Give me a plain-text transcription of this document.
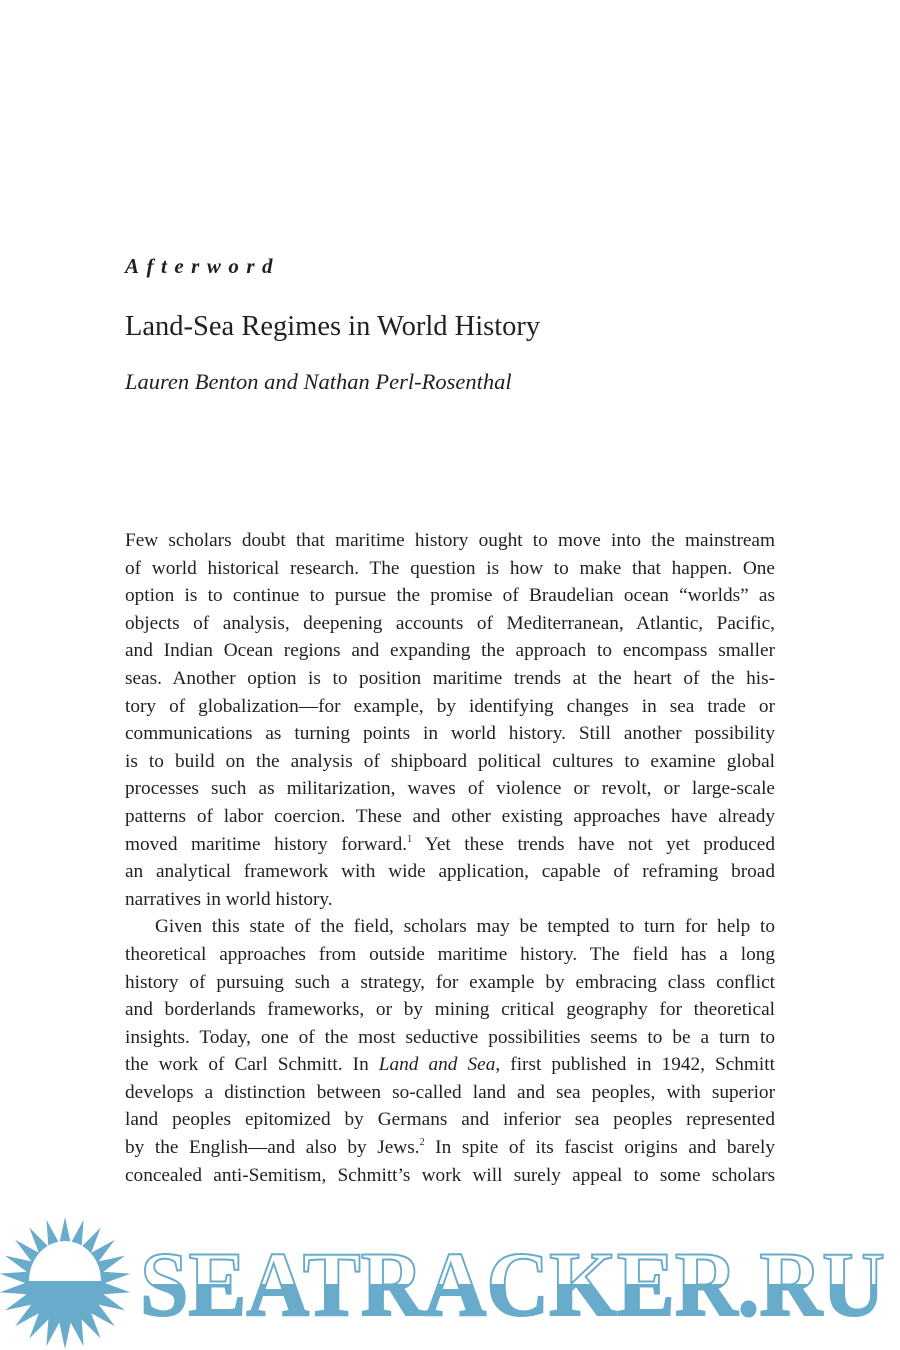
Afterword
Land-Sea Regimes in World History
Lauren Benton and Nathan Perl-Rosenthal
Few scholars doubt that maritime history ought to move into the mainstream
of world historical research. The question is how to make that happen. One
option is to continue to pursue the promise of Braudelian ocean “worlds” as
objects of analysis, deepening accounts of Mediterranean, Atlantic, Pacific,
and Indian Ocean regions and expanding the approach to encompass smaller
seas. Another option is to position maritime trends at the heart of the his-
tory of globalization—for example, by identifying changes in sea trade or
communications as turning points in world history. Still another possibility
is to build on the analysis of shipboard political cultures to examine global
processes such as militarization, waves of violence or revolt, or large-scale
patterns of labor coercion. These and other existing approaches have already
moved maritime history forward.$^1$ Yet these trends have not yet produced
an analytical framework with wide application, capable of reframing broad
narratives in world history.
Given this state of the field, scholars may be tempted to turn for help to
theoretical approaches from outside maritime history. The field has a long
history of pursuing such a strategy, for example by embracing class conflict
and borderlands frameworks, or by mining critical geography for theoretical
insights. Today, one of the most seductive possibilities seems to be a turn to
the work of Carl Schmitt. In Land and Sea, first published in 1942, Schmitt
develops a distinction between so-called land and sea peoples, with superior
land peoples epitomized by Germans and inferior sea peoples represented
by the English—and also by Jews.$^2$ In spite of its fascist origins and barely
concealed anti-Semitism, Schmitt’s work will surely appeal to some scholars
SEATRACKER.RU
